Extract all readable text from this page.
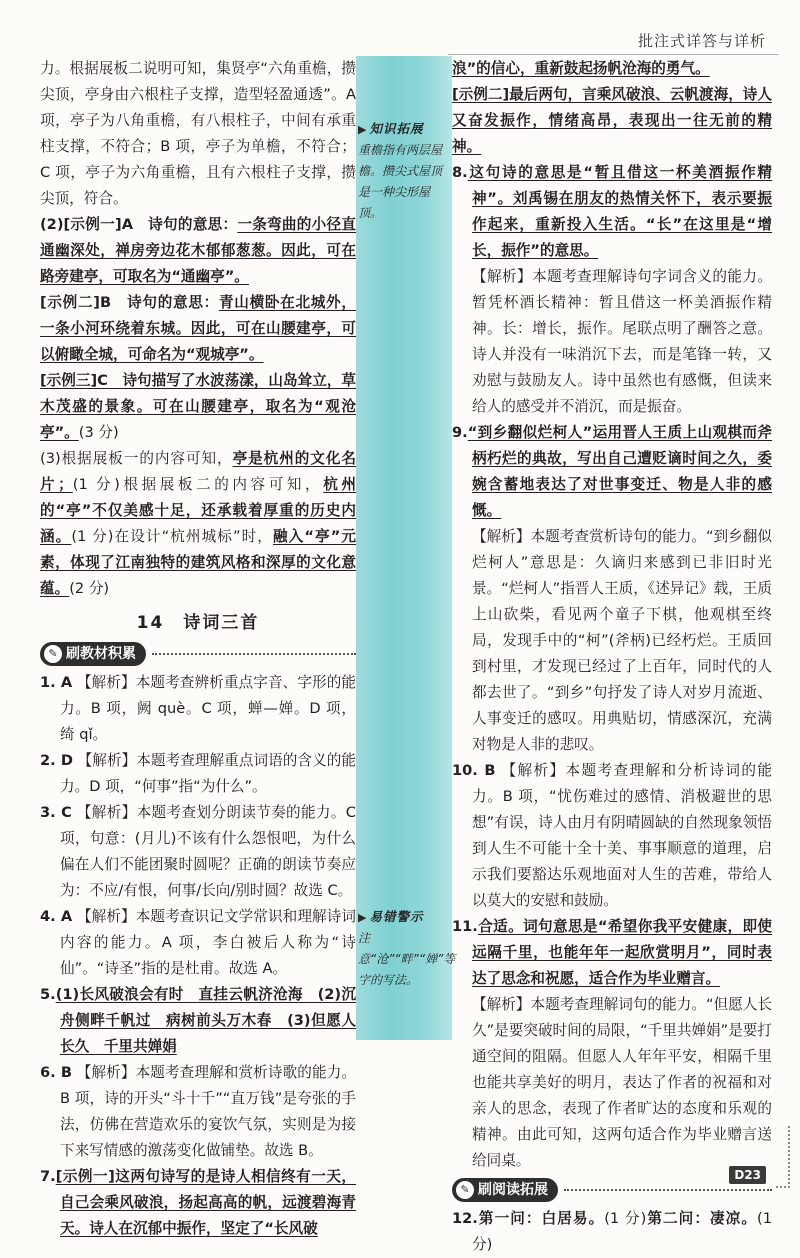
批注式详答与详析
▶ 知识拓展
重檐指有两层屋檐。攒尖式屋顶是一种尖形屋顶。
▶ 易错警示
注意“沧”“畔”“婵”等字的写法。

力。根据展板二说明可知，集贤亭“六角重檐，攒尖顶，亭身由六根柱子支撑，造型轻盈通透”。A 项，亭子为八角重檐，有八根柱子，中间有承重柱支撑，不符合；B 项，亭子为单檐，不符合；C 项，亭子为六角重檐，且有六根柱子支撑，攒尖顶，符合。

(2)[示例一]A　诗句的意思：一条弯曲的小径直通幽深处，禅房旁边花木郁郁葱葱。因此，可在路旁建亭，可取名为“通幽亭”。

[示例二]B　诗句的意思：青山横卧在北城外，一条小河环绕着东城。因此，可在山腰建亭，可以俯瞰全城，可命名为“观城亭”。

[示例三]C　诗句描写了水波荡漾，山岛耸立，草木茂盛的景象。可在山腰建亭，取名为“观沧亭”。(3 分)

(3)根据展板一的内容可知，亭是杭州的文化名片；(1 分)根据展板二的内容可知，杭州的“亭”不仅美感十足，还承载着厚重的历史内涵。(1 分)在设计“杭州城标”时，融入“亭”元素，体现了江南独特的建筑风格和深厚的文化意蕴。(2 分)

14　诗词三首
✎ 刷教材积累

1. A 【解析】本题考查辨析重点字音、字形的能力。B 项，阙 què。C 项，蝉—婵。D 项，绮 qǐ。

2. D 【解析】本题考查理解重点词语的含义的能力。D 项，“何事”指“为什么”。

3. C 【解析】本题考查划分朗读节奏的能力。C 项，句意：(月儿)不该有什么怨恨吧，为什么偏在人们不能团聚时圆呢？正确的朗读节奏应为：不应/有恨，何事/长向/别时圆？故选 C。

4. A 【解析】本题考查识记文学常识和理解诗词内容的能力。A 项，李白被后人称为“诗仙”。“诗圣”指的是杜甫。故选 A。

5.(1)长风破浪会有时　直挂云帆济沧海　(2)沉舟侧畔千帆过　病树前头万木春　(3)但愿人长久　千里共婵娟

6. B 【解析】本题考查理解和赏析诗歌的能力。B 项，诗的开头“斗十千”“直万钱”是夸张的手法，仿佛在营造欢乐的宴饮气氛，实则是为接下来写情感的激荡变化做铺垫。故选 B。

7.[示例一]这两句诗写的是诗人相信终有一天，自己会乘风破浪，扬起高高的帆，远渡碧海青天。诗人在沉郁中振作，坚定了“长风破

浪”的信心，重新鼓起扬帆沧海的勇气。

[示例二]最后两句，言乘风破浪、云帆渡海，诗人又奋发振作，情绪高昂，表现出一往无前的精神。

8.这句诗的意思是“暂且借这一杯美酒振作精神”。刘禹锡在朋友的热情关怀下，表示要振作起来，重新投入生活。“长”在这里是“增长，振作”的意思。

【解析】本题考查理解诗句字词含义的能力。暂凭杯酒长精神：暂且借这一杯美酒振作精神。长：增长，振作。尾联点明了酬答之意。诗人并没有一味消沉下去，而是笔锋一转，又劝慰与鼓励友人。诗中虽然也有感慨，但读来给人的感受并不消沉，而是振奋。

9.“到乡翻似烂柯人”运用晋人王质上山观棋而斧柄朽烂的典故，写出自己遭贬谪时间之久，委婉含蓄地表达了对世事变迁、物是人非的感慨。

【解析】本题考查赏析诗句的能力。“到乡翻似烂柯人”意思是：久谪归来感到已非旧时光景。“烂柯人”指晋人王质，《述异记》载，王质上山砍柴，看见两个童子下棋，他观棋至终局，发现手中的“柯”(斧柄)已经朽烂。王质回到村里，才发现已经过了上百年，同时代的人都去世了。“到乡”句抒发了诗人对岁月流逝、人事变迁的感叹。用典贴切，情感深沉，充满对物是人非的悲叹。

10. B 【解析】本题考查理解和分析诗词的能力。B 项，“忧伤难过的感情、消极避世的思想”有误，诗人由月有阴晴圆缺的自然现象领悟到人生不可能十全十美、事事顺意的道理，启示我们要豁达乐观地面对人生的苦难，带给人以莫大的安慰和鼓励。

11.合适。词句意思是“希望你我平安健康，即使远隔千里，也能年年一起欣赏明月”，同时表达了思念和祝愿，适合作为毕业赠言。

【解析】本题考查理解词句的能力。“但愿人长久”是要突破时间的局限，“千里共婵娟”是要打通空间的阻隔。但愿人人年年平安，相隔千里也能共享美好的明月，表达了作者的祝福和对亲人的思念，表现了作者旷达的态度和乐观的精神。由此可知，这两句适合作为毕业赠言送给同桌。

✎ 刷阅读拓展

12.第一问：白居易。(1 分)第二问：凄凉。(1 分)

D23
